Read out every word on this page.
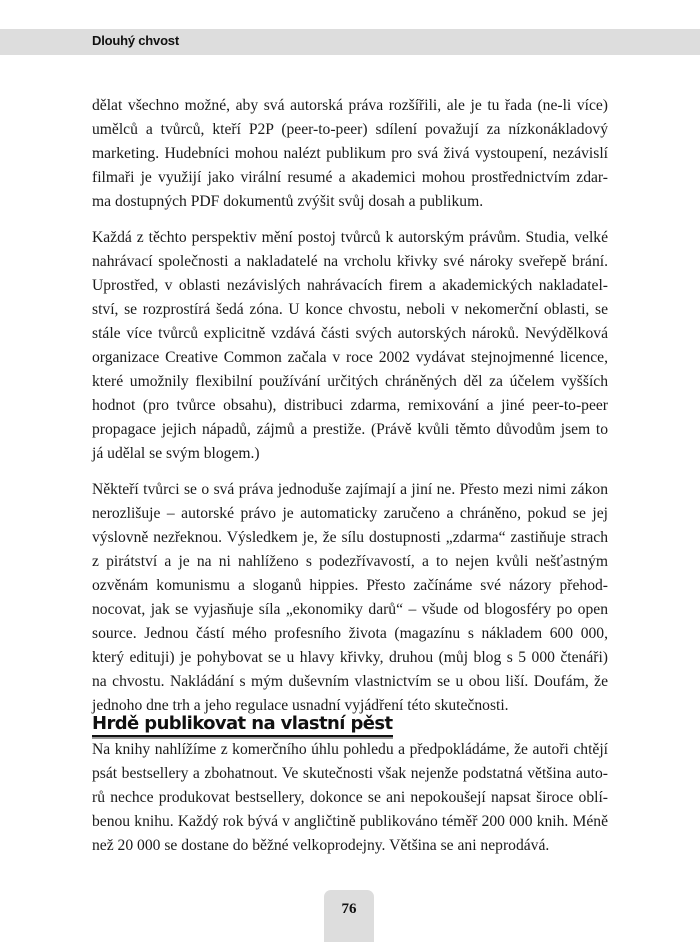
Dlouhý chvost
dělat všechno možné, aby svá autorská práva rozšířili, ale je tu řada (ne-li více)
umělců a tvůrců, kteří P2P (peer-to-peer) sdílení považují za nízkonákladový
marketing. Hudebníci mohou nalézt publikum pro svá živá vystoupení, nezávislí
filmaři je využijí jako virální resumé a akademici mohou prostřednictvím zdar-
ma dostupných PDF dokumentů zvýšit svůj dosah a publikum.
Každá z těchto perspektiv mění postoj tvůrců k autorským právům. Studia, velké
nahrávací společnosti a nakladatelé na vrcholu křivky své nároky sveřepě brání.
Uprostřed, v oblasti nezávislých nahrávacích firem a akademických nakladatel-
ství, se rozprostírá šedá zóna. U konce chvostu, neboli v nekomerční oblasti, se
stále více tvůrců explicitně vzdává části svých autorských nároků. Nevýdělková
organizace Creative Common začala v roce 2002 vydávat stejnojmenné licence,
které umožnily flexibilní používání určitých chráněných děl za účelem vyšších
hodnot (pro tvůrce obsahu), distribuci zdarma, remixování a jiné peer-to-peer
propagace jejich nápadů, zájmů a prestiže. (Právě kvůli těmto důvodům jsem to
já udělal se svým blogem.)
Někteří tvůrci se o svá práva jednoduše zajímají a jiní ne. Přesto mezi nimi zákon
nerozlišuje – autorské právo je automaticky zaručeno a chráněno, pokud se jej
výslovně nezřeknou. Výsledkem je, že sílu dostupnosti „zdarma“ zastiňuje strach
z pirátství a je na ni nahlíženo s podezřívavostí, a to nejen kvůli nešťastným
ozvěnám komunismu a sloganů hippies. Přesto začínáme své názory přehod-
nocovat, jak se vyjasňuje síla „ekonomiky darů“ – všude od blogosféry po open
source. Jednou částí mého profesního života (magazínu s nákladem 600 000,
který edituji) je pohybovat se u hlavy křivky, druhou (můj blog s 5 000 čtenáři)
na chvostu. Nakládání s mým duševním vlastnictvím se u obou liší. Doufám, že
jednoho dne trh a jeho regulace usnadní vyjádření této skutečnosti.
Hrdě publikovat na vlastní pěst
Na knihy nahlížíme z komerčního úhlu pohledu a předpokládáme, že autoři chtějí
psát bestsellery a zbohatnout. Ve skutečnosti však nejenže podstatná většina auto-
rů nechce produkovat bestsellery, dokonce se ani nepokoušejí napsat široce oblí-
benou knihu. Každý rok bývá v angličtině publikováno téměř 200 000 knih. Méně
než 20 000 se dostane do běžné velkoprodejny. Většina se ani neprodává.
76
